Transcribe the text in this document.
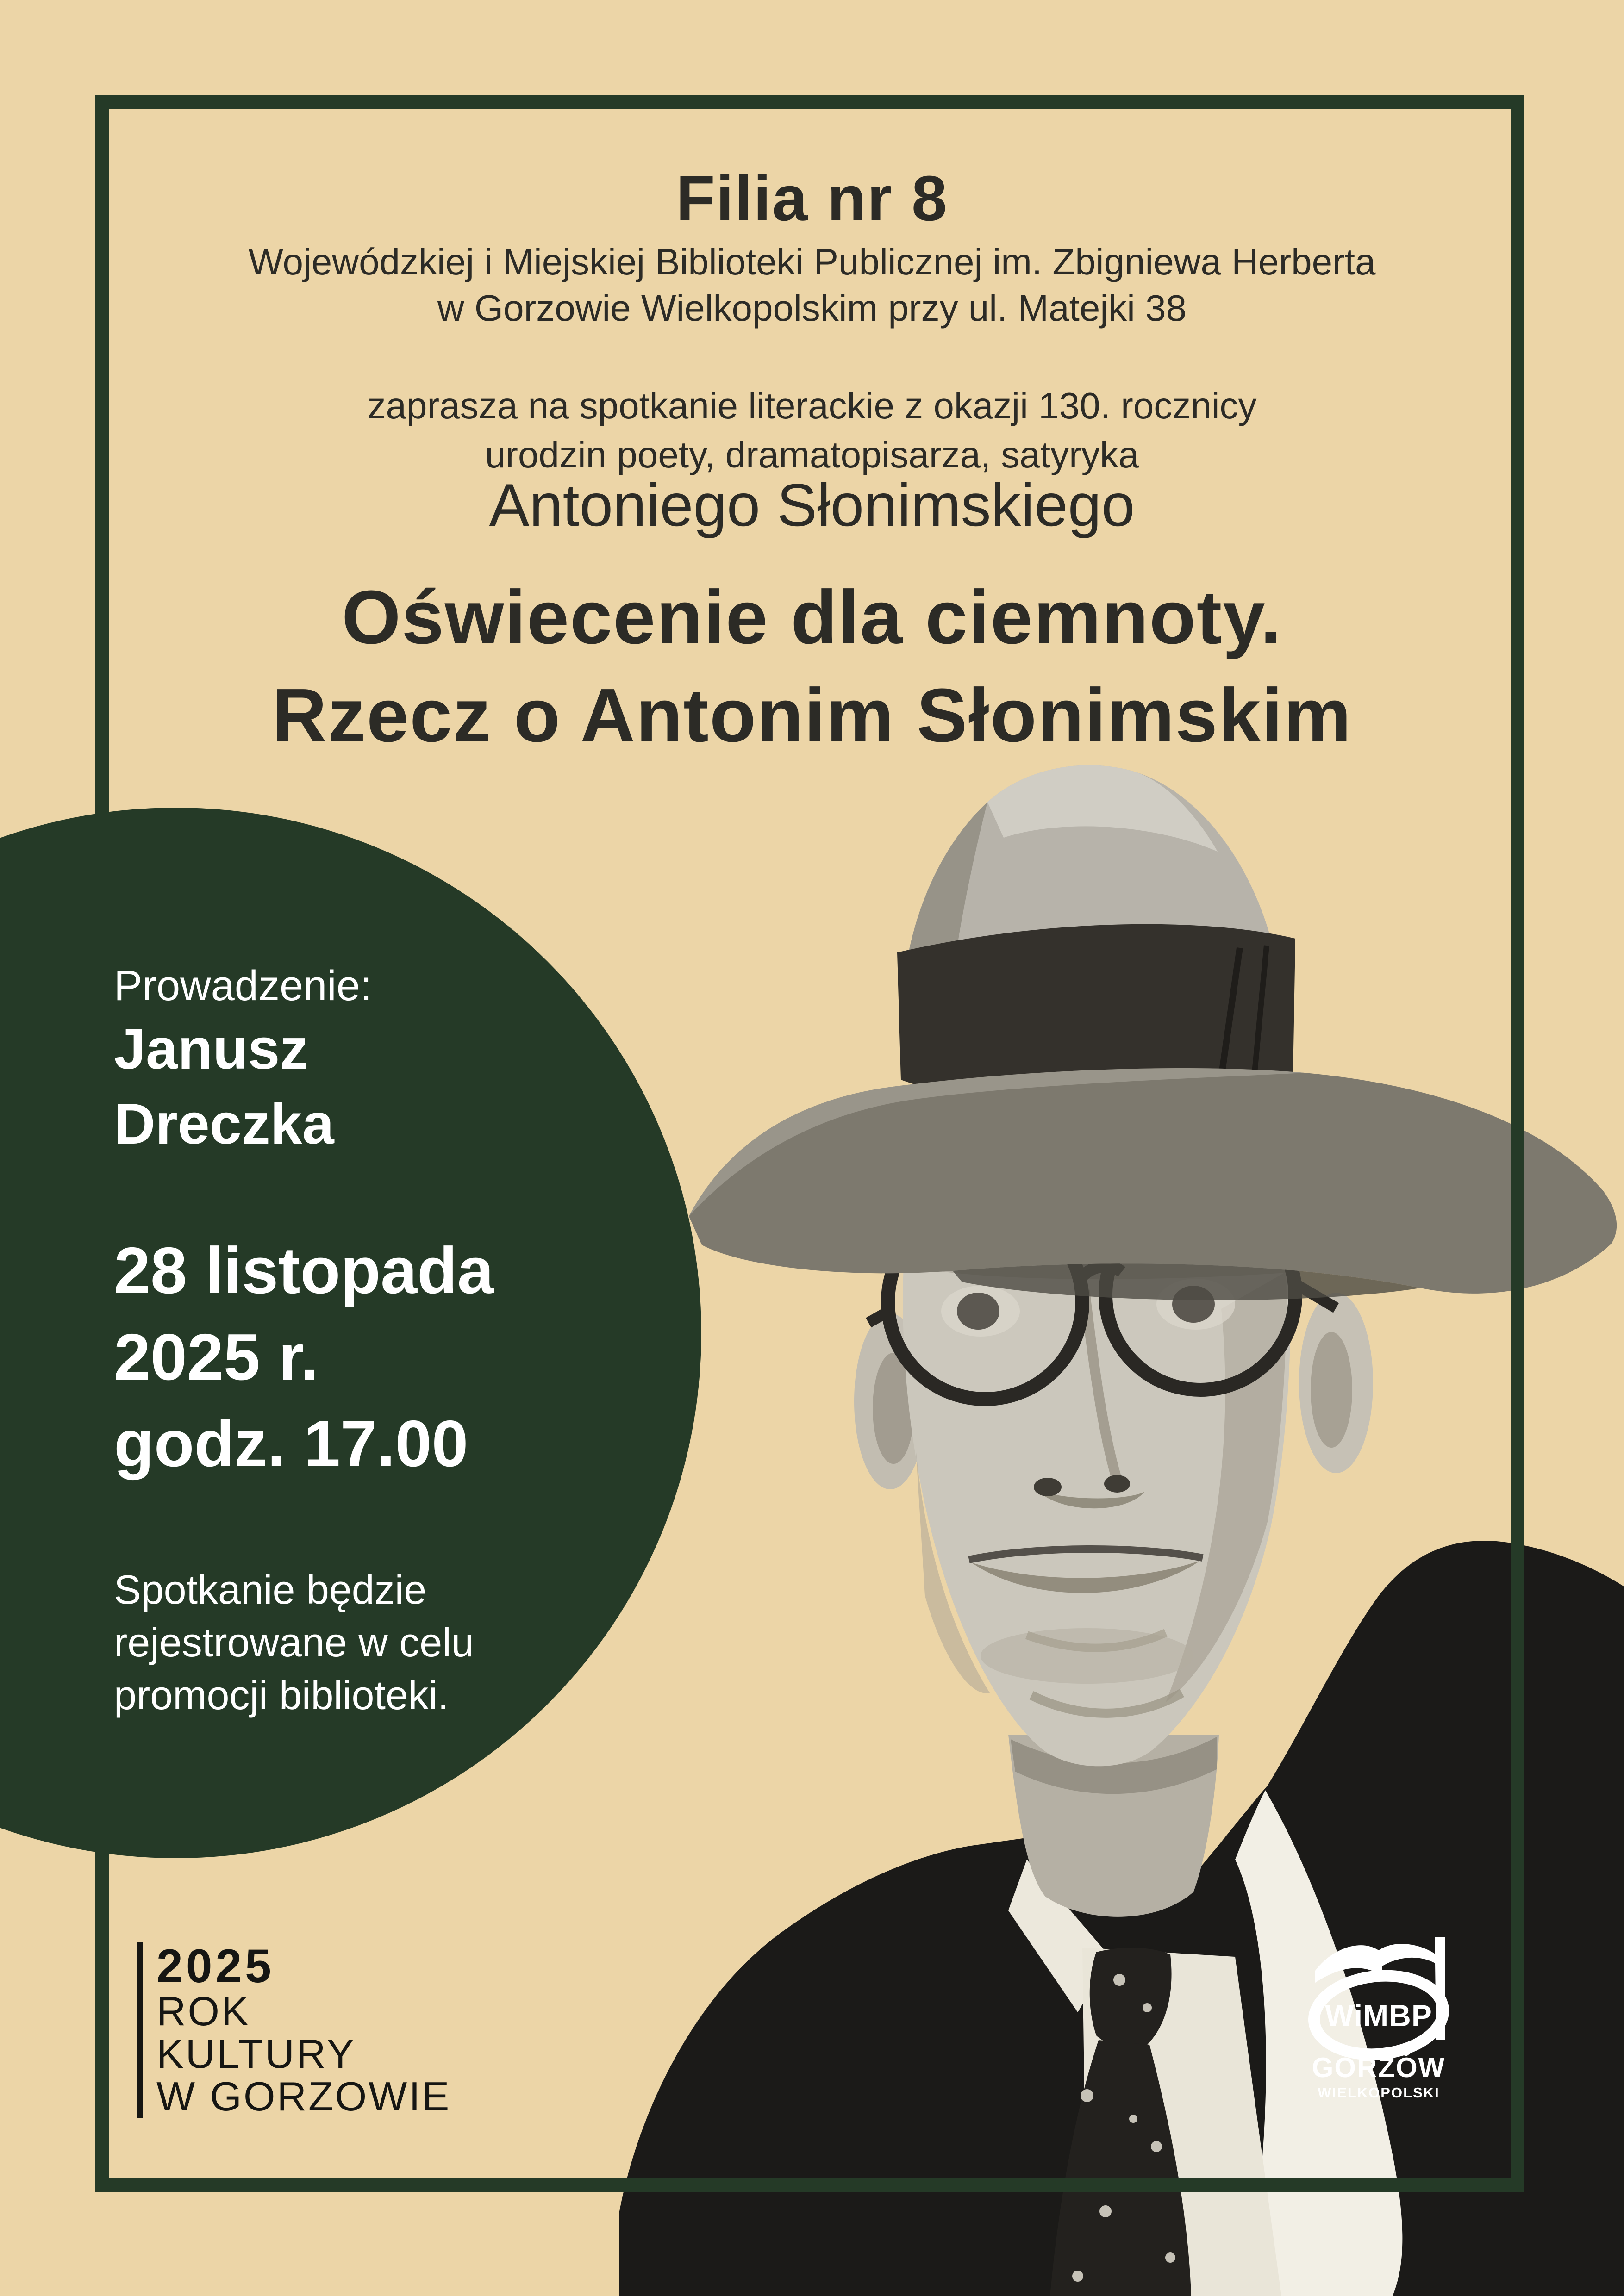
Filia nr 8
Wojewódzkiej i Miejskiej Biblioteki Publicznej im. Zbigniewa Herberta
w Gorzowie Wielkopolskim przy ul. Matejki 38
zaprasza na spotkanie literackie z okazji 130. rocznicy
urodzin poety, dramatopisarza, satyryka
Antoniego Słonimskiego
Oświecenie dla ciemnoty.
Rzecz o Antonim Słonimskim
Prowadzenie:
Janusz
Dreczka
28 listopada
2025 r.
godz. 17.00
Spotkanie będzie
rejestrowane w celu
promocji biblioteki.
2025
ROK
KULTURY
W GORZOWIE
WiMBP
GORZÓW
WIELKOPOLSKI
